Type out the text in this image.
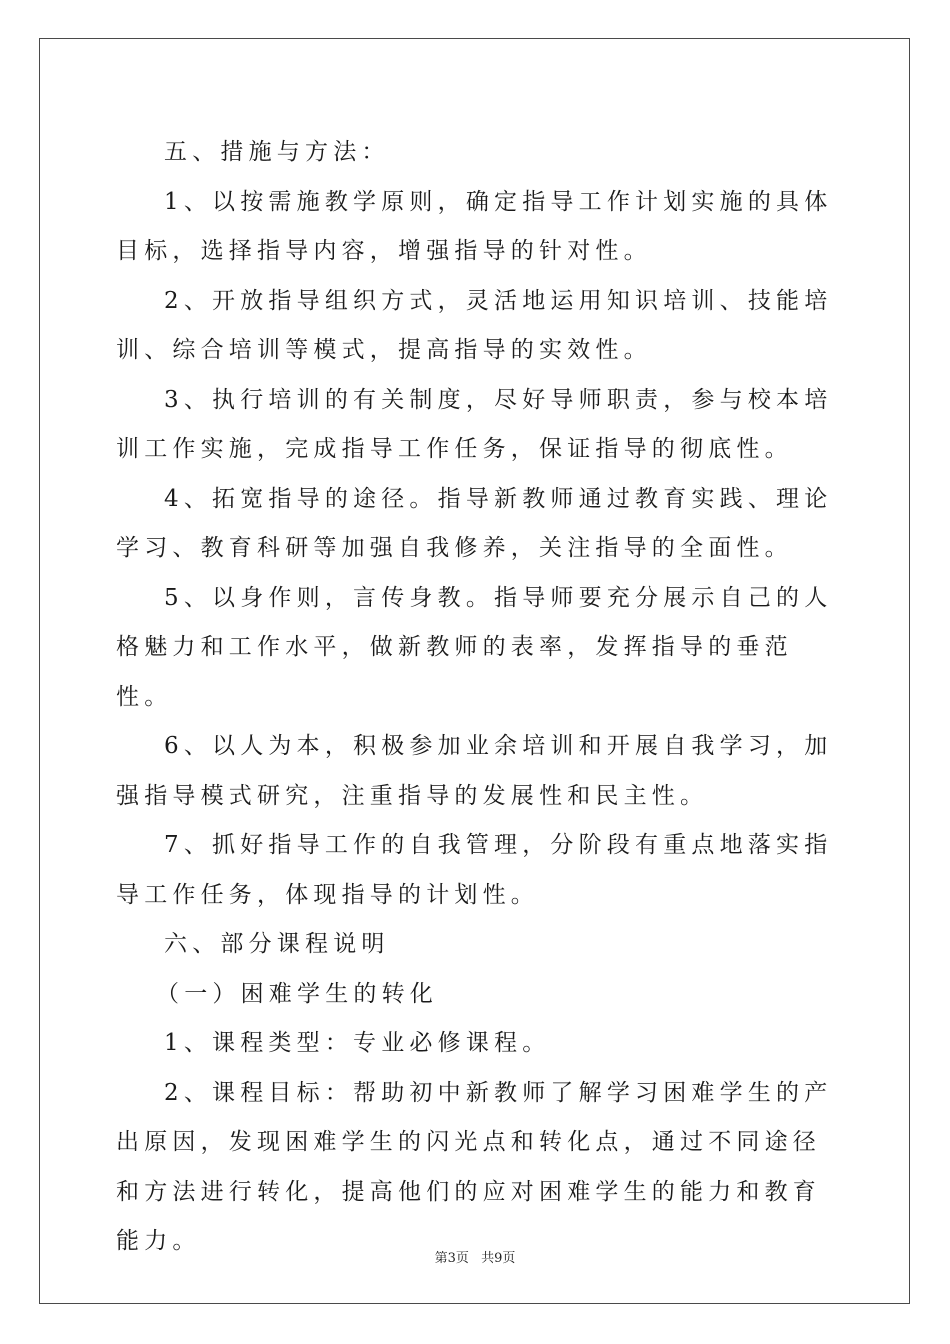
五、措施与方法：

1、以按需施教学原则，确定指导工作计划实施的具体目标，选择指导内容，增强指导的针对性。

2、开放指导组织方式，灵活地运用知识培训、技能培训、综合培训等模式，提高指导的实效性。

3、执行培训的有关制度，尽好导师职责，参与校本培训工作实施，完成指导工作任务，保证指导的彻底性。

4、拓宽指导的途径。指导新教师通过教育实践、理论学习、教育科研等加强自我修养，关注指导的全面性。

5、以身作则，言传身教。指导师要充分展示自己的人格魅力和工作水平，做新教师的表率，发挥指导的垂范性。

6、以人为本，积极参加业余培训和开展自我学习，加强指导模式研究，注重指导的发展性和民主性。

7、抓好指导工作的自我管理，分阶段有重点地落实指导工作任务，体现指导的计划性。

六、部分课程说明

（一）困难学生的转化

1、课程类型：专业必修课程。

2、课程目标：帮助初中新教师了解学习困难学生的产出原因，发现困难学生的闪光点和转化点，通过不同途径和方法进行转化，提高他们的应对困难学生的能力和教育能力。

第3页 共9页
